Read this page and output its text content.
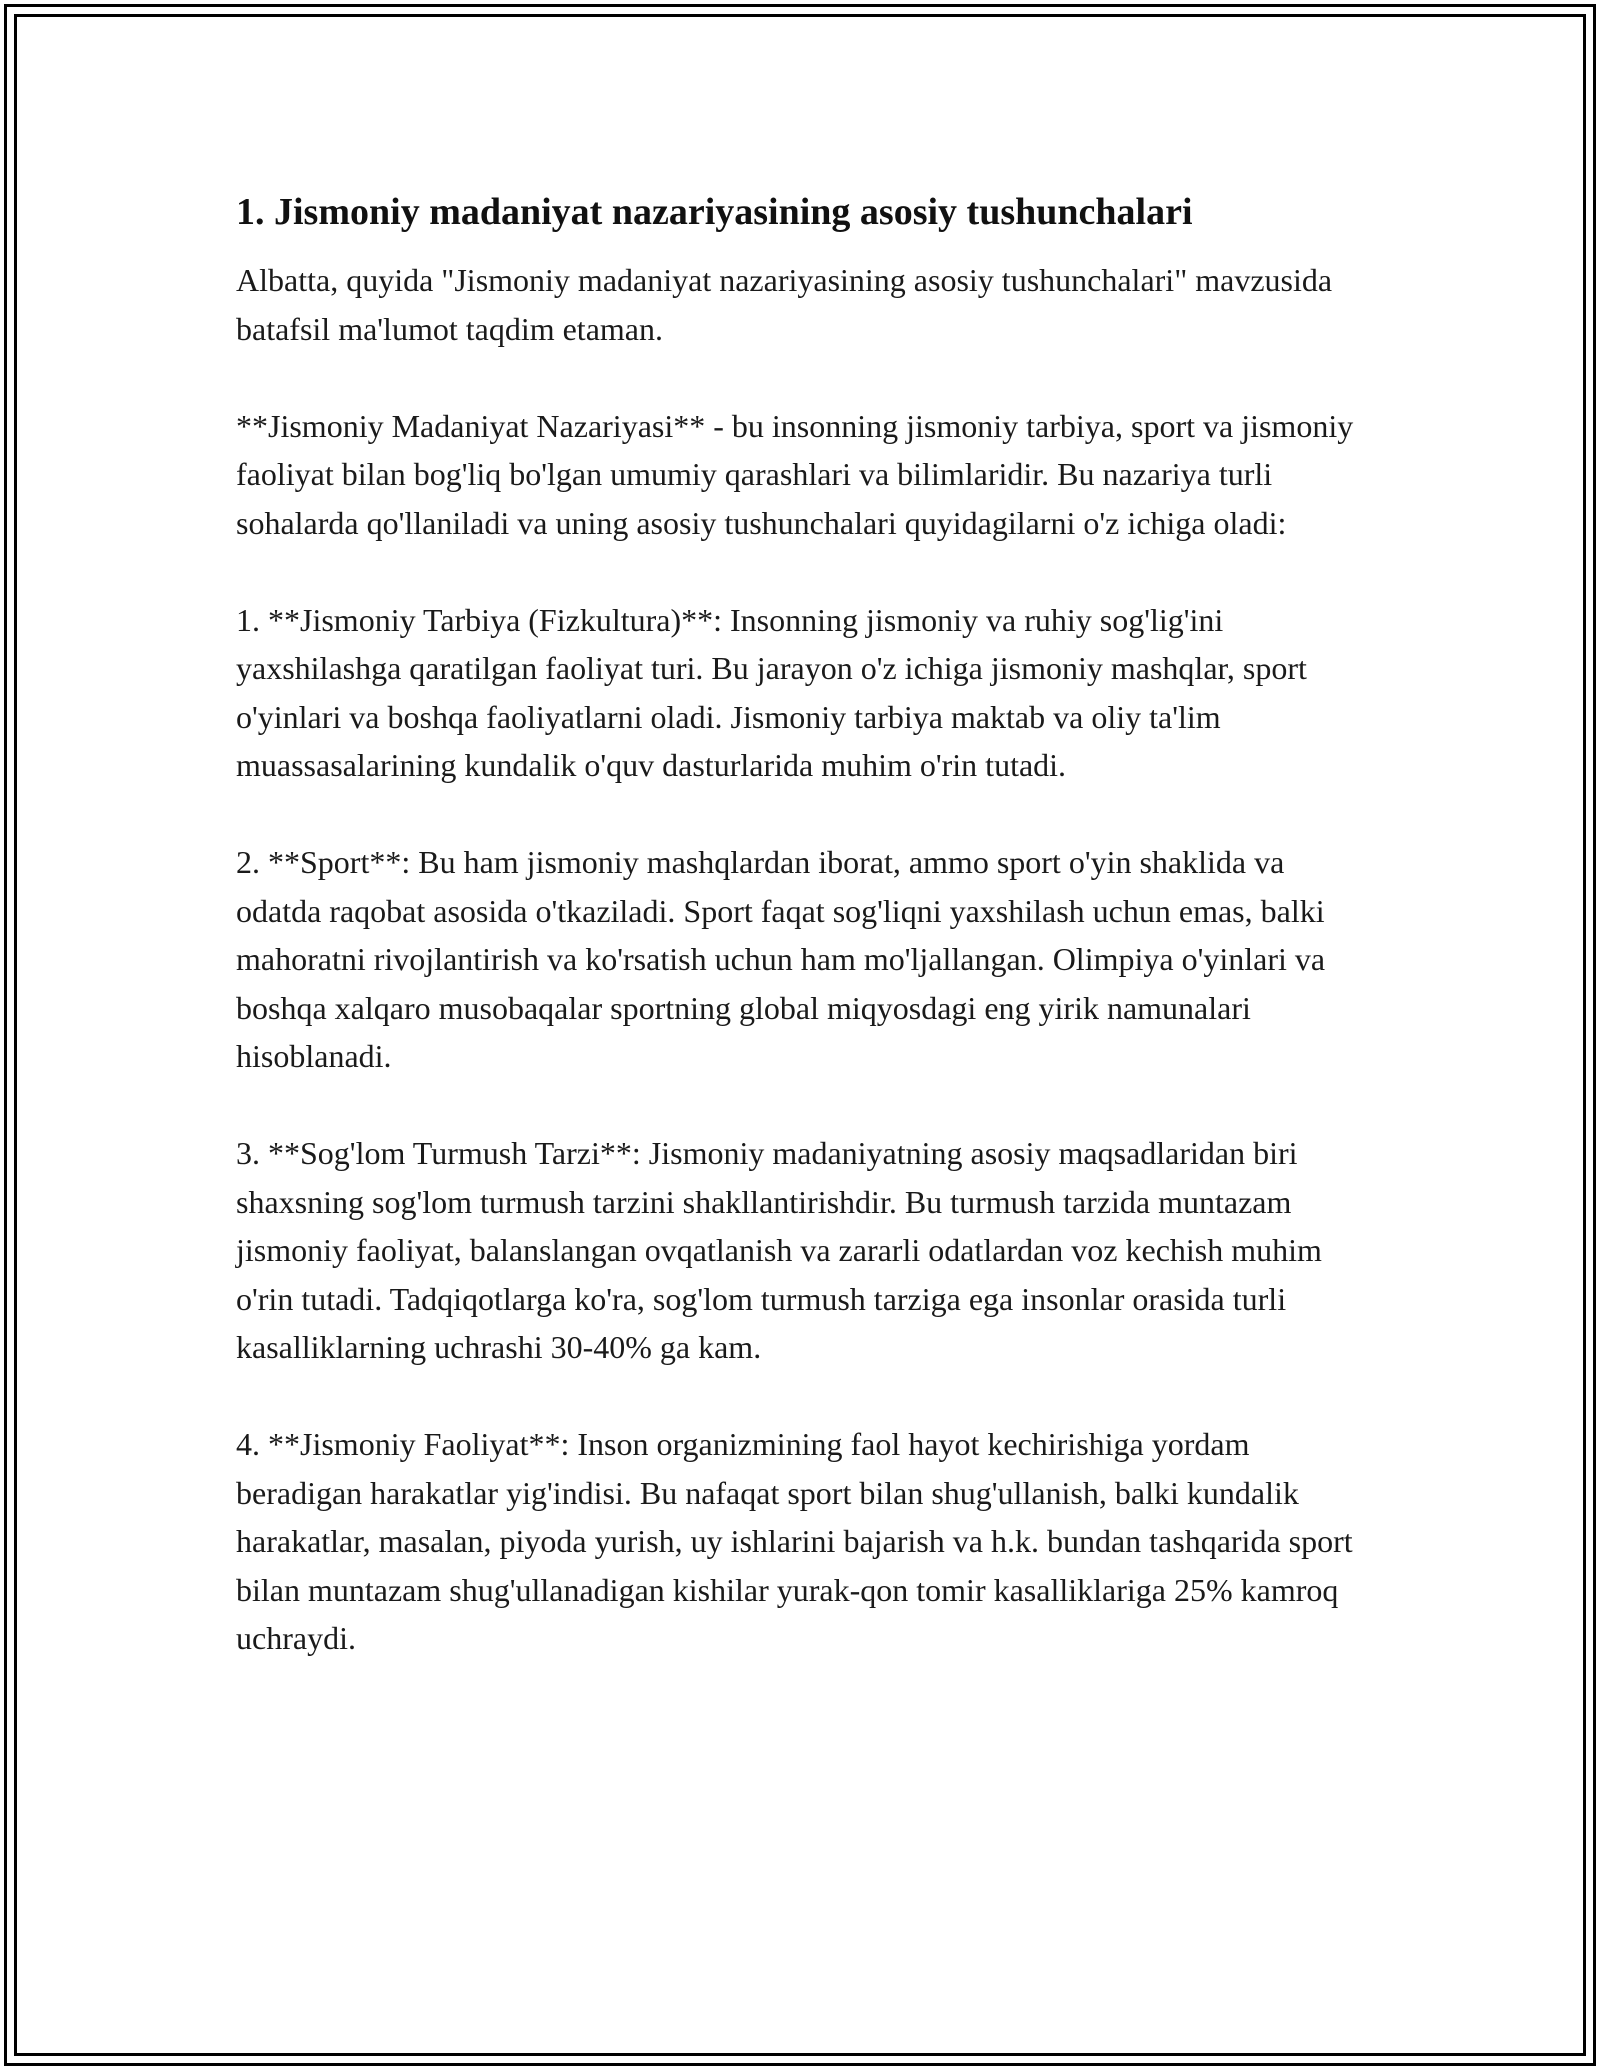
1. Jismoniy madaniyat nazariyasining asosiy tushunchalari

Albatta, quyida "Jismoniy madaniyat nazariyasining asosiy tushunchalari" mavzusida batafsil ma'lumot taqdim etaman.

**Jismoniy Madaniyat Nazariyasi** - bu insonning jismoniy tarbiya, sport va jismoniy faoliyat bilan bog'liq bo'lgan umumiy qarashlari va bilimlaridir. Bu nazariya turli sohalarda qo'llaniladi va uning asosiy tushunchalari quyidagilarni o'z ichiga oladi:

1. **Jismoniy Tarbiya (Fizkultura)**: Insonning jismoniy va ruhiy sog'lig'ini yaxshilashga qaratilgan faoliyat turi. Bu jarayon o'z ichiga jismoniy mashqlar, sport o'yinlari va boshqa faoliyatlarni oladi. Jismoniy tarbiya maktab va oliy ta'lim muassasalarining kundalik o'quv dasturlarida muhim o'rin tutadi.

2. **Sport**: Bu ham jismoniy mashqlardan iborat, ammo sport o'yin shaklida va odatda raqobat asosida o'tkaziladi. Sport faqat sog'liqni yaxshilash uchun emas, balki mahoratni rivojlantirish va ko'rsatish uchun ham mo'ljallangan. Olimpiya o'yinlari va boshqa xalqaro musobaqalar sportning global miqyosdagi eng yirik namunalari hisoblanadi.

3. **Sog'lom Turmush Tarzi**: Jismoniy madaniyatning asosiy maqsadlaridan biri shaxsning sog'lom turmush tarzini shakllantirishdir. Bu turmush tarzida muntazam jismoniy faoliyat, balanslangan ovqatlanish va zararli odatlardan voz kechish muhim o'rin tutadi. Tadqiqotlarga ko'ra, sog'lom turmush tarziga ega insonlar orasida turli kasalliklarning uchrashi 30-40% ga kam.

4. **Jismoniy Faoliyat**: Inson organizmining faol hayot kechirishiga yordam beradigan harakatlar yig'indisi. Bu nafaqat sport bilan shug'ullanish, balki kundalik harakatlar, masalan, piyoda yurish, uy ishlarini bajarish va h.k. bundan tashqarida sport bilan muntazam shug'ullanadigan kishilar yurak-qon tomir kasalliklariga 25% kamroq uchraydi.
